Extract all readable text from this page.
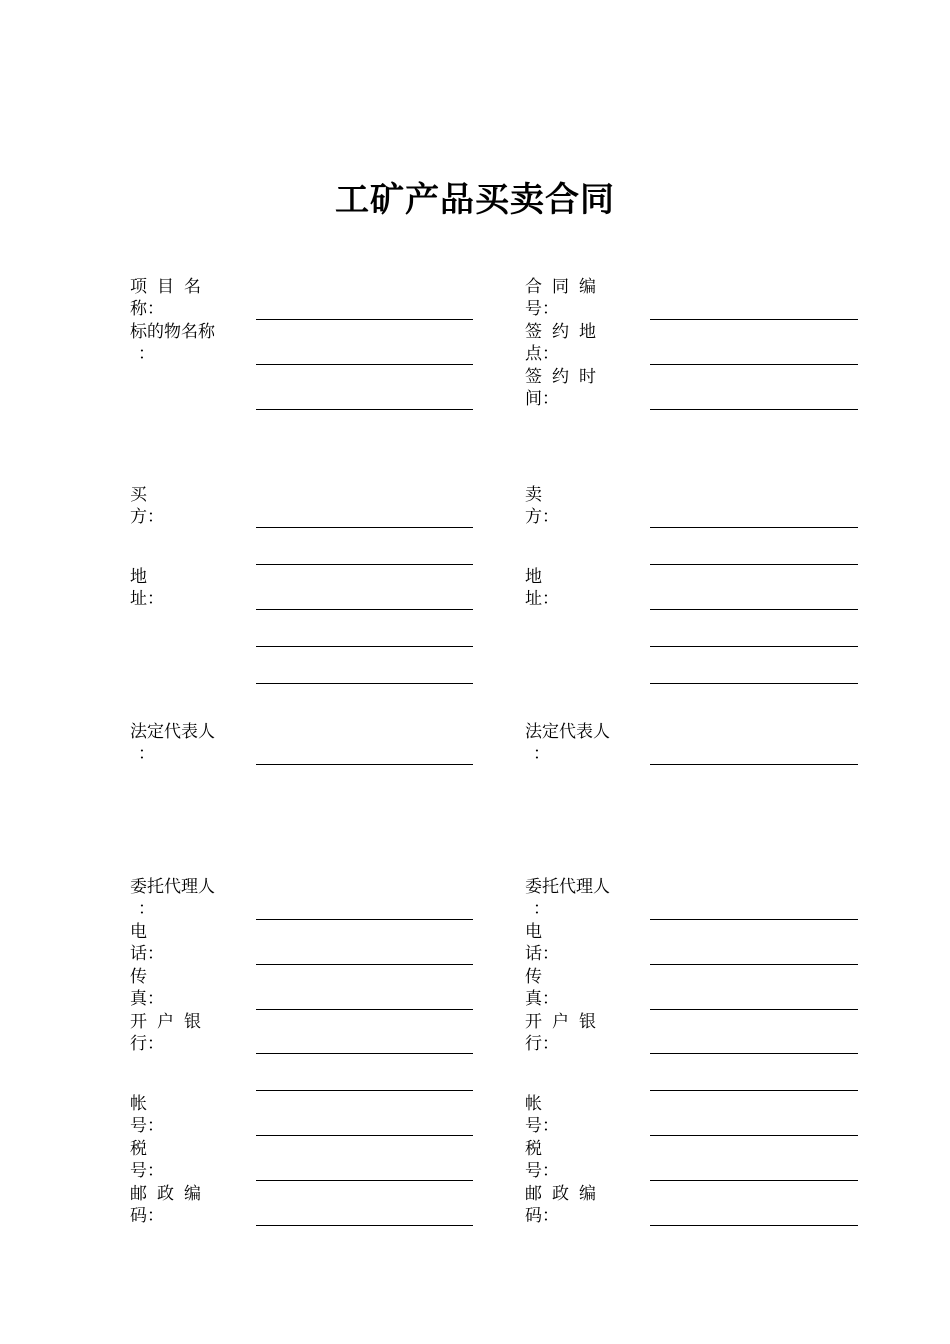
工矿产品买卖合同
项目名
称：
标的物名称
：
买
方：
地
址：
法定代表人
：
委托代理人
：
电
话：
传
真：
开户银
行：
帐
号：
税
号：
邮政编
码：
合同编
号：
签约地
点：
签约时
间：
卖
方：
地
址：
法定代表人
：
委托代理人
：
电
话：
传
真：
开户银
行：
帐
号：
税
号：
邮政编
码：
